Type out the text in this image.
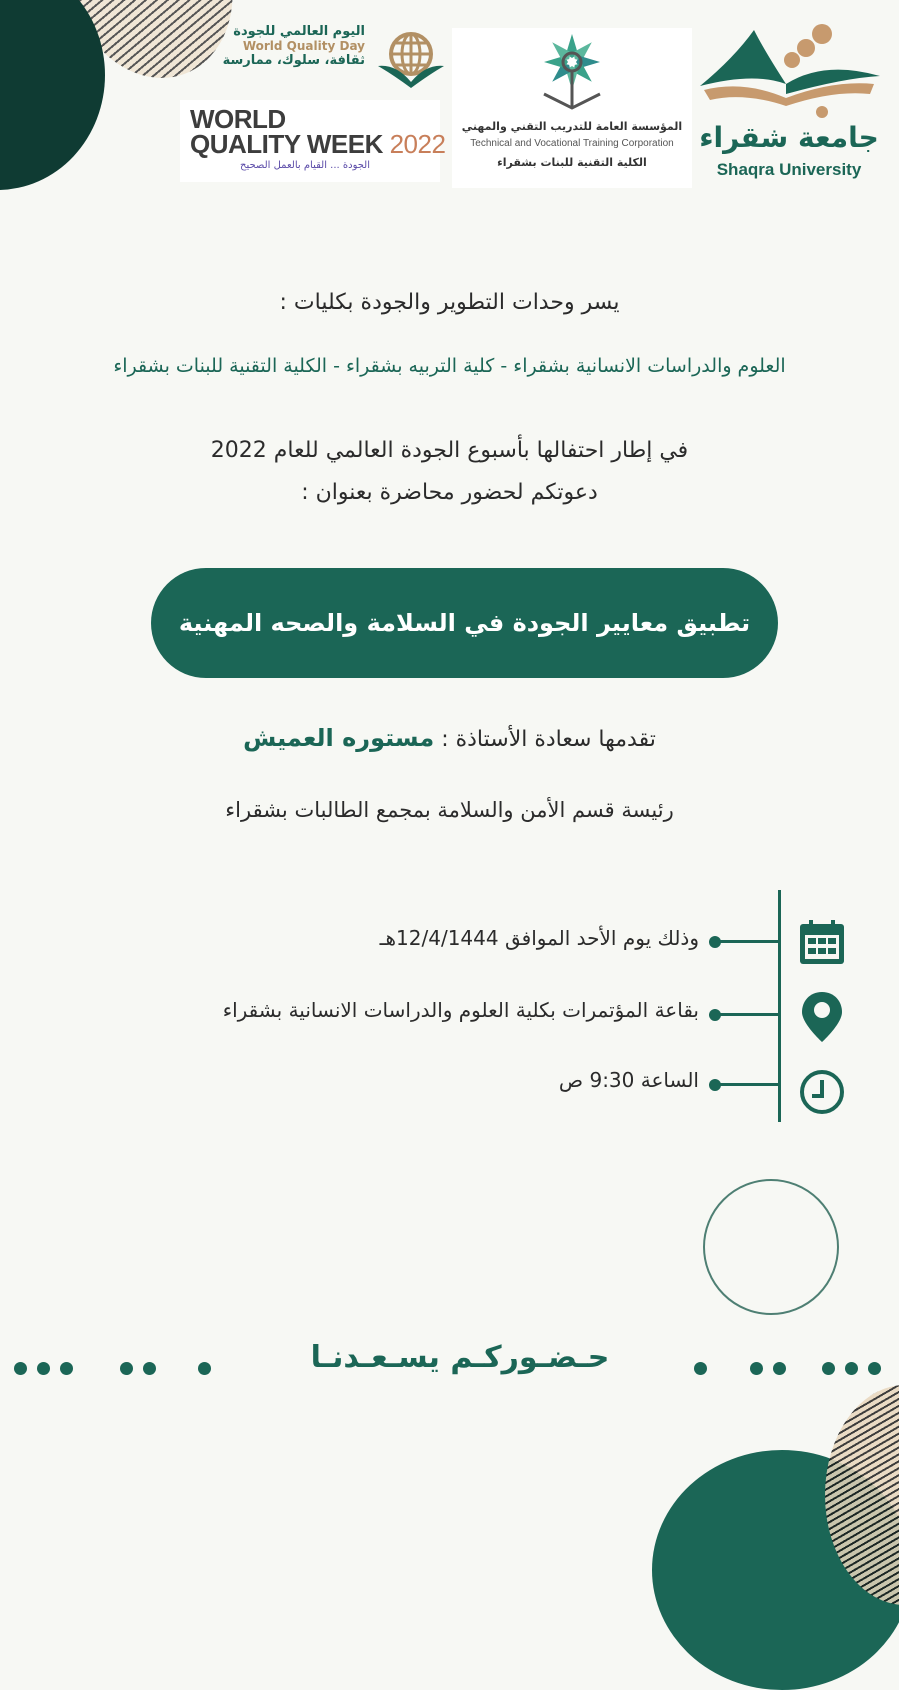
اليوم العالمي للجودة
World Quality Day
ثقافة، سلوك، ممارسة
WORLD
QUALITY WEEK 2022
الجودة ... القيام بالعمل الصحيح
المؤسسة العامة للتدريب التقني والمهني
Technical and Vocational Training Corporation
الكلية التقنية للبنات بشقراء
جامعة شقراء
Shaqra University
يسر وحدات التطوير والجودة بكليات :
العلوم والدراسات الانسانية بشقراء - كلية التربيه بشقراء - الكلية التقنية للبنات بشقراء
في إطار احتفالها بأسبوع الجودة العالمي للعام 2022
دعوتكم لحضور محاضرة بعنوان :
تطبيق معايير الجودة في السلامة والصحه المهنية
تقدمها سعادة الأستاذة : مستوره العميش
رئيسة قسم الأمن والسلامة بمجمع الطالبات بشقراء
وذلك يوم الأحد الموافق 12/4/1444هـ
بقاعة المؤتمرات بكلية العلوم والدراسات الانسانية بشقراء
الساعة 9:30 ص
حـضـوركـم يسـعـدنـا
